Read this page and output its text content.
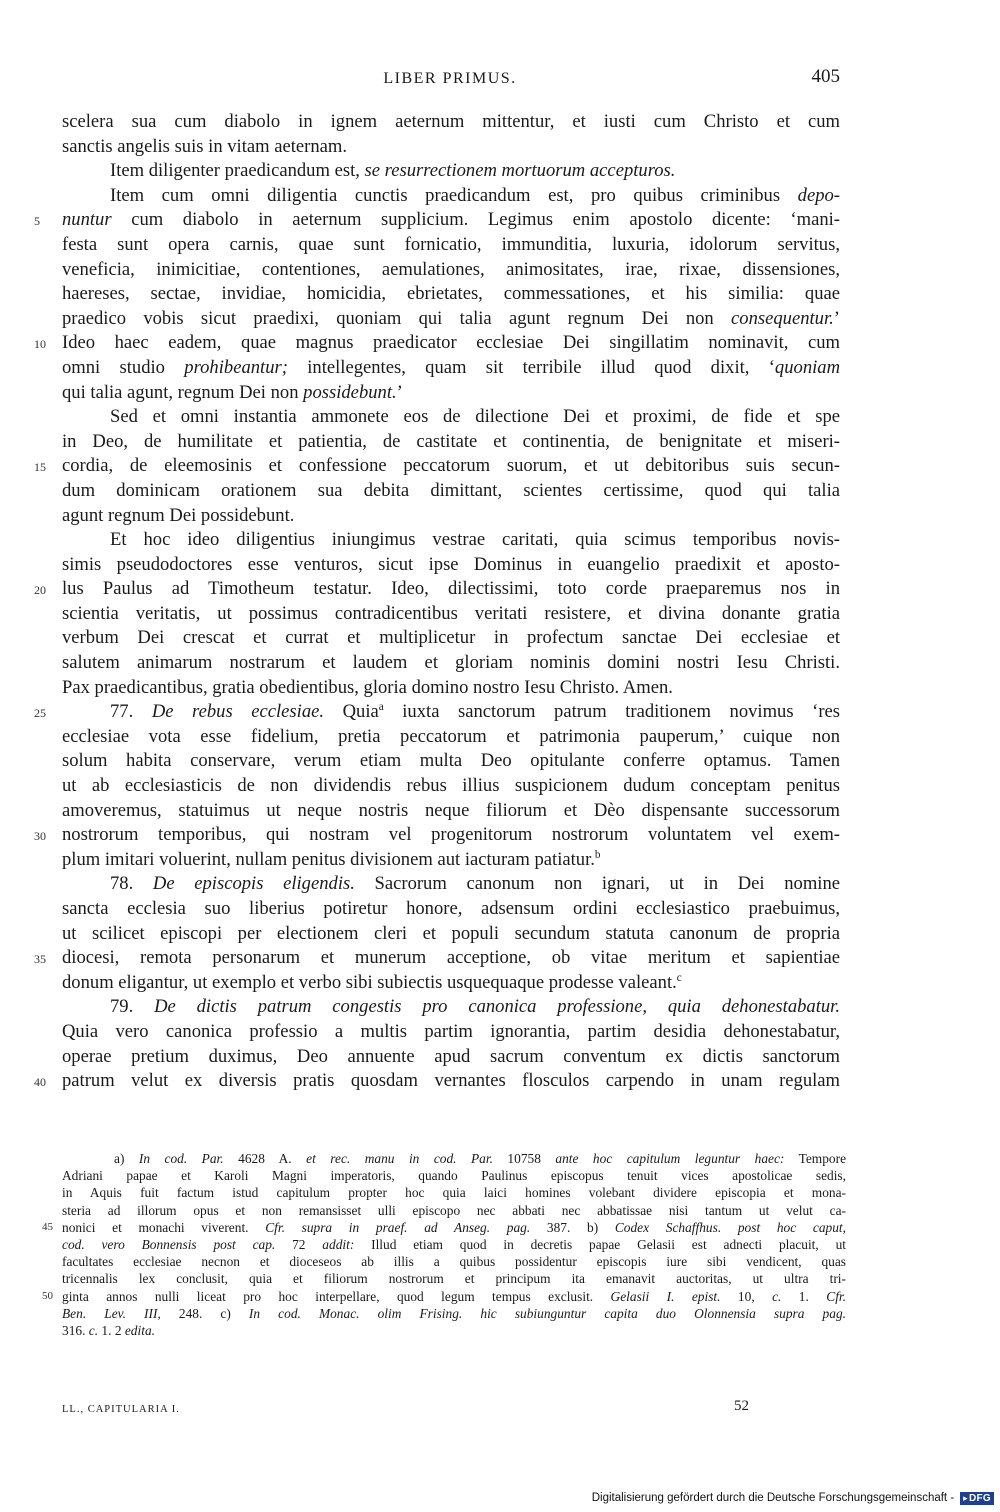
LIBER PRIMUS.	405
scelera sua cum diabolo in ignem aeternum mittentur, et iusti cum Christo et cum
sanctis angelis suis in vitam aeternam.
Item diligenter praedicandum est, se resurrectionem mortuorum accepturos.
Item cum omni diligentia cunctis praedicandum est, pro quibus criminibus depo-
5	nuntur cum diabolo in aeternum supplicium. Legimus enim apostolo dicente: ‘mani-
festa sunt opera carnis, quae sunt fornicatio, immunditia, luxuria, idolorum servitus,
veneficia, inimicitiae, contentiones, aemulationes, animositates, irae, rixae, dissensiones,
haereses, sectae, invidiae, homicidia, ebrietates, commessationes, et his similia: quae
praedico vobis sicut praedixi, quoniam qui talia agunt regnum Dei non consequentur.’
10 Ideo haec eadem, quae magnus praedicator ecclesiae Dei singillatim nominavit, cum
omni studio prohibeantur; intellegentes, quam sit terribile illud quod dixit, ‘quoniam
qui talia agunt, regnum Dei non possidebunt.’
Sed et omni instantia ammonete eos de dilectione Dei et proximi, de fide et spe
in Deo, de humilitate et patientia, de castitate et continentia, de benignitate et miseri-
15 cordia, de eleemosinis et confessione peccatorum suorum, et ut debitoribus suis secun-
dum dominicam orationem sua debita dimittant, scientes certissime, quod qui talia
agunt regnum Dei possidebunt.
Et hoc ideo diligentius iniungimus vestrae caritati, quia scimus temporibus novis-
simis pseudodoctores esse venturos, sicut ipse Dominus in euangelio praedixit et aposto-
20 lus Paulus ad Timotheum testatur. Ideo, dilectissimi, toto corde praeparemus nos in
scientia veritatis, ut possimus contradicentibus veritati resistere, et divina donante gratia
verbum Dei crescat et currat et multiplicetur in profectum sanctae Dei ecclesiae et
salutem animarum nostrarum et laudem et gloriam nominis domini nostri Iesu Christi.
Pax praedicantibus, gratia obedientibus, gloria domino nostro Iesu Christo. Amen.
25	77. De rebus ecclesiae. Quia$^a$ iuxta sanctorum patrum traditionem novimus ‘res
ecclesiae vota esse fidelium, pretia peccatorum et patrimonia pauperum,’ cuique non
solum habita conservare, verum etiam multa Deo opitulante conferre optamus. Tamen
ut ab ecclesiasticis de non dividendis rebus illius suspicionem dudum conceptam penitus
amoveremus, statuimus ut neque nostris neque filiorum et Dèo dispensante successorum
30 nostrorum temporibus, qui nostram vel progenitorum nostrorum voluntatem vel exem-
plum imitari voluerint, nullam penitus divisionem aut iacturam patiatur.$^b$
78. De episcopis eligendis. Sacrorum canonum non ignari, ut in Dei nomine
sancta ecclesia suo liberius potiretur honore, adsensum ordini ecclesiastico praebuimus,
ut scilicet episcopi per electionem cleri et populi secundum statuta canonum de propria
35 diocesi, remota personarum et munerum acceptione, ob vitae meritum et sapientiae
donum eligantur, ut exemplo et verbo sibi subiectis usquequaque prodesse valeant.$^c$
79. De dictis patrum congestis pro canonica professione, quia dehonestabatur.
Quia vero canonica professio a multis partim ignorantia, partim desidia dehonestabatur,
operae pretium duximus, Deo annuente apud sacrum conventum ex dictis sanctorum
40 patrum velut ex diversis pratis quosdam vernantes flosculos carpendo in unam regulam
a) In cod. Par. 4628 A. et rec. manu in cod. Par. 10758 ante hoc capitulum leguntur haec: Tempore
Adriani papae et Karoli Magni imperatoris, quando Paulinus episcopus tenuit vices apostolicae sedis,
in Aquis fuit factum istud capitulum propter hoc quia laici homines volebant dividere episcopia et mona-
steria ad illorum opus et non remansisset ulli episcopo nec abbati nec abbatissae nisi tantum ut velut ca-
45 nonici et monachi viverent. Cfr. supra in praef. ad Anseg. pag. 387. b) Codex Schaffhus. post hoc caput,
cod. vero Bonnensis post cap. 72 addit: Illud etiam quod in decretis papae Gelasii est adnecti placuit, ut
facultates ecclesiae necnon et dioceseos ab illis a quibus possidentur episcopis iure sibi vendicent, quas
tricennalis lex conclusit, quia et filiorum nostrorum et principum ita emanavit auctoritas, ut ultra tri-
50 ginta annos nulli liceat pro hoc interpellare, quod legum tempus exclusit. Gelasii I. epist. 10, c. 1. Cfr.
Ben. Lev. III, 248. c) In cod. Monac. olim Frising. hic subiunguntur capita duo Olonnensia supra pag.
316. c. 1. 2 edita.
LL., CAPITULARIA I.	52
Digitalisierung gefördert durch die Deutsche Forschungsgemeinschaft -
▸	DFG
